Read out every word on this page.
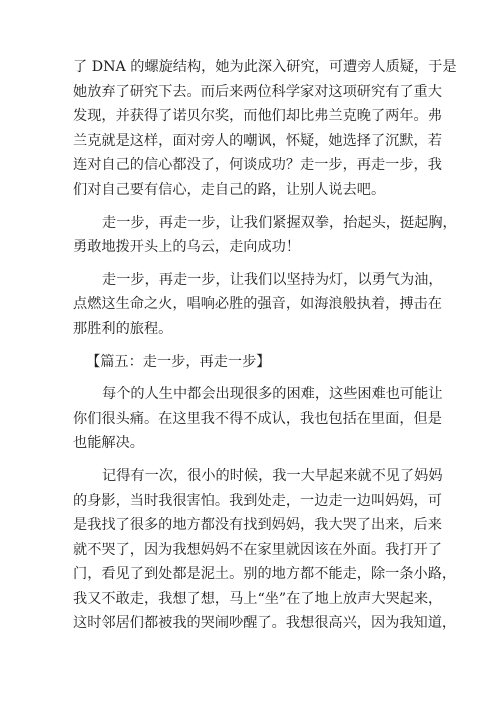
了 DNA 的螺旋结构，她为此深入研究，可遭旁人质疑，于是
她放弃了研究下去。而后来两位科学家对这项研究有了重大
发现，并获得了诺贝尔奖，而他们却比弗兰克晚了两年。弗
兰克就是这样，面对旁人的嘲讽，怀疑，她选择了沉默，若
连对自己的信心都没了，何谈成功？走一步，再走一步，我
们对自己要有信心，走自己的路，让别人说去吧。
走一步，再走一步，让我们紧握双拳，抬起头，挺起胸，
勇敢地拨开头上的乌云，走向成功！
走一步，再走一步，让我们以坚持为灯，以勇气为油，
点燃这生命之火，唱响必胜的强音，如海浪般执着，搏击在
那胜利的旅程。
【篇五：走一步，再走一步】
每个的人生中都会出现很多的困难，这些困难也可能让
你们很头痛。在这里我不得不成认，我也包括在里面，但是
也能解决。
记得有一次，很小的时候，我一大早起来就不见了妈妈
的身影，当时我很害怕。我到处走，一边走一边叫妈妈，可
是我找了很多的地方都没有找到妈妈，我大哭了出来，后来
就不哭了，因为我想妈妈不在家里就因该在外面。我打开了
门，看见了到处都是泥土。别的地方都不能走，除一条小路，
我又不敢走，我想了想，马上“坐”在了地上放声大哭起来，
这时邻居们都被我的哭闹吵醒了。我想很高兴，因为我知道，
